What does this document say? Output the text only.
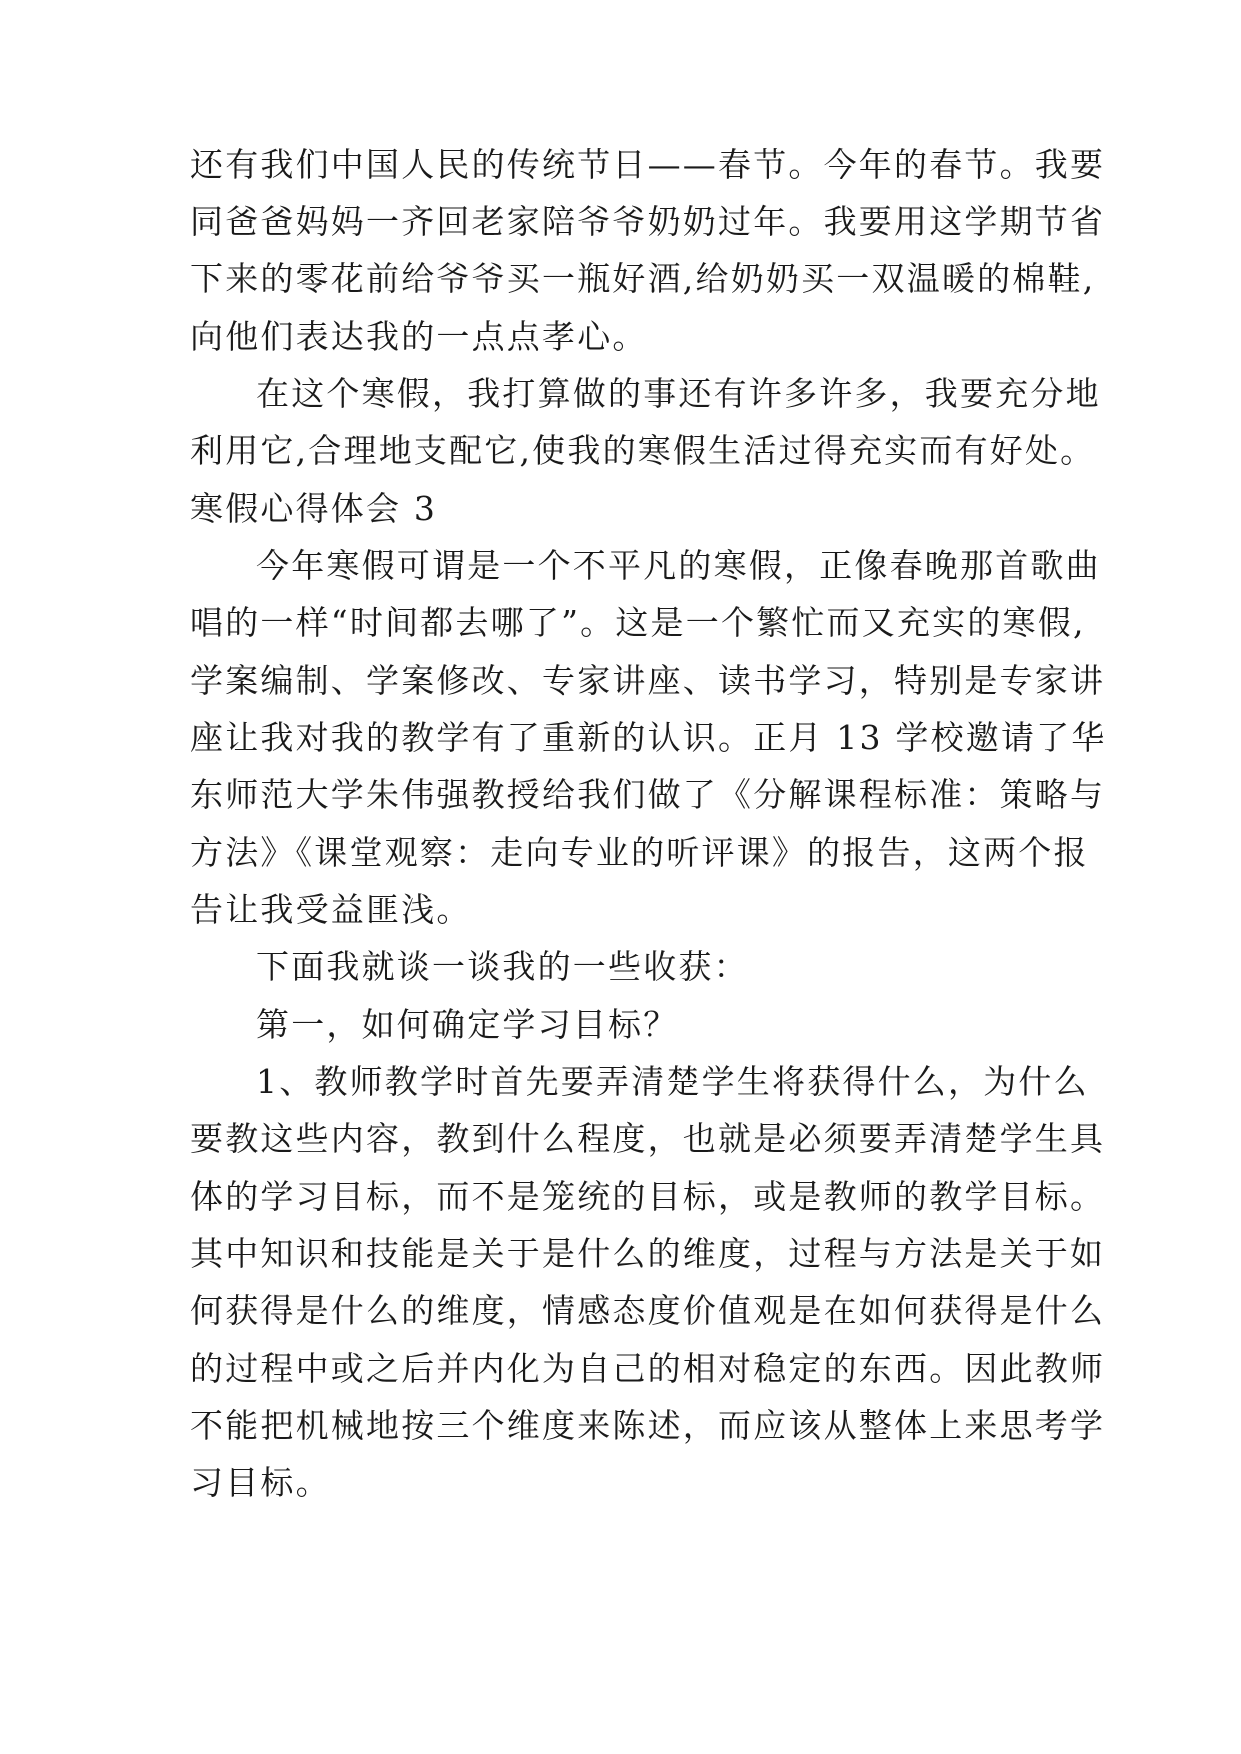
还有我们中国人民的传统节日——春节。今年的春节。我要
同爸爸妈妈一齐回老家陪爷爷奶奶过年。我要用这学期节省
下来的零花前给爷爷买一瓶好酒,给奶奶买一双温暖的棉鞋,
向他们表达我的一点点孝心。
在这个寒假，我打算做的事还有许多许多，我要充分地
利用它,合理地支配它,使我的寒假生活过得充实而有好处。
寒假心得体会 3
今年寒假可谓是一个不平凡的寒假，正像春晚那首歌曲
唱的一样“时间都去哪了”。这是一个繁忙而又充实的寒假,
学案编制、学案修改、专家讲座、读书学习，特别是专家讲
座让我对我的教学有了重新的认识。正月 13 学校邀请了华
东师范大学朱伟强教授给我们做了《分解课程标准：策略与
方法》《课堂观察：走向专业的听评课》的报告，这两个报
告让我受益匪浅。
下面我就谈一谈我的一些收获：
第一，如何确定学习目标？
1、教师教学时首先要弄清楚学生将获得什么，为什么
要教这些内容，教到什么程度，也就是必须要弄清楚学生具
体的学习目标，而不是笼统的目标，或是教师的教学目标。
其中知识和技能是关于是什么的维度，过程与方法是关于如
何获得是什么的维度，情感态度价值观是在如何获得是什么
的过程中或之后并内化为自己的相对稳定的东西。因此教师
不能把机械地按三个维度来陈述，而应该从整体上来思考学
习目标。
